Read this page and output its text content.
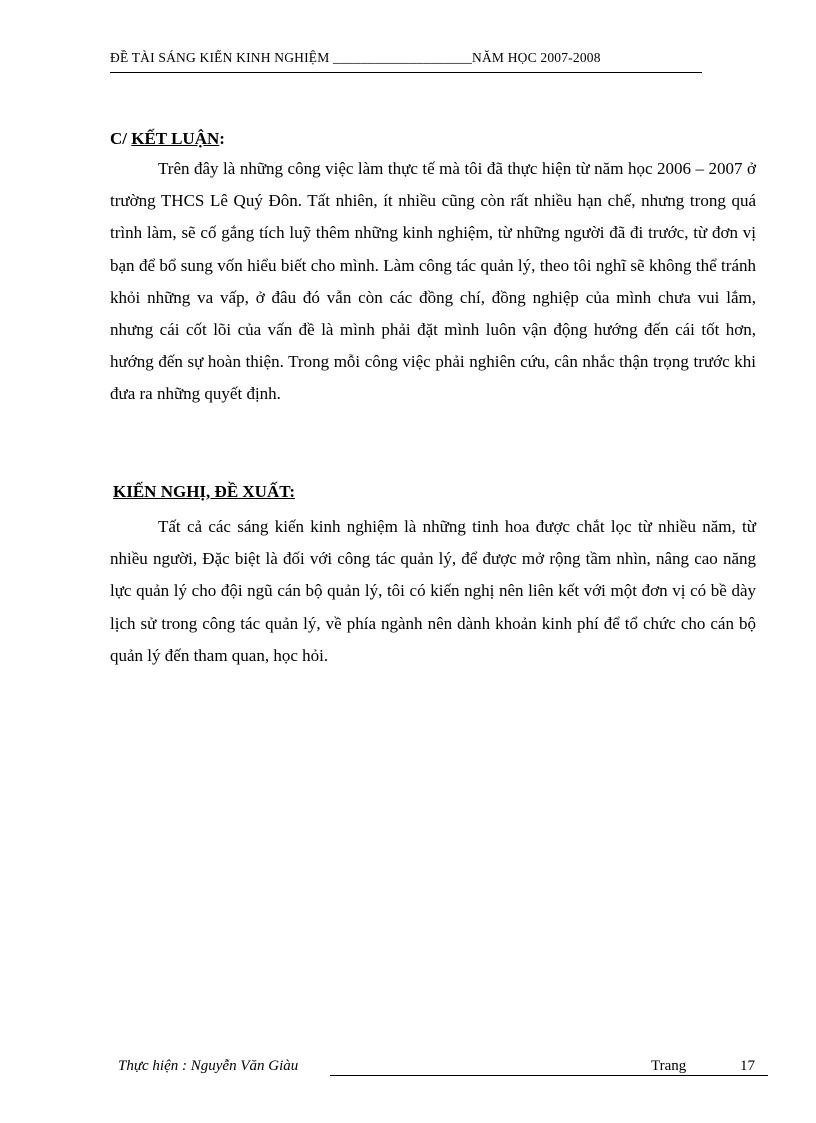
ĐỀ TÀI SÁNG KIẾN KINH NGHIỆM ____________________NĂM HỌC 2007-2008
C/ KẾT LUẬN:

Trên đây là những công việc làm thực tế mà tôi đã thực hiện từ năm học 2006 – 2007 ở trường THCS Lê Quý Đôn. Tất nhiên, ít nhiều cũng còn rất nhiều hạn chế, nhưng trong quá trình làm, sẽ cố gắng tích luỹ thêm những kinh nghiệm, từ những người đã đi trước, từ đơn vị bạn để bổ sung vốn hiểu biết cho mình. Làm công tác quản lý, theo tôi nghĩ sẽ không thể tránh khỏi những va vấp, ở đâu đó vẫn còn các đồng chí, đồng nghiệp của mình chưa vui lắm, nhưng cái cốt lõi của vấn đề là mình phải đặt mình luôn vận động hướng đến cái tốt hơn, hướng đến sự hoàn thiện. Trong mỗi công việc phải nghiên cứu, cân nhắc thận trọng trước khi đưa ra những quyết định.

KIẾN NGHỊ, ĐỀ XUẤT:

Tất cả các sáng kiến kinh nghiệm là những tinh hoa được chắt lọc từ nhiều năm, từ nhiều người, Đặc biệt là đối với công tác quản lý, để được mở rộng tầm nhìn, nâng cao năng lực quản lý cho đội ngũ cán bộ quản lý, tôi có kiến nghị nên liên kết với một đơn vị có bề dày lịch sử trong công tác quản lý, về phía ngành nên dành khoản kinh phí để tổ chức cho cán bộ quản lý đến tham quan, học hỏi.

Thực hiện : Nguyễn Văn Giàu	Trang	17
